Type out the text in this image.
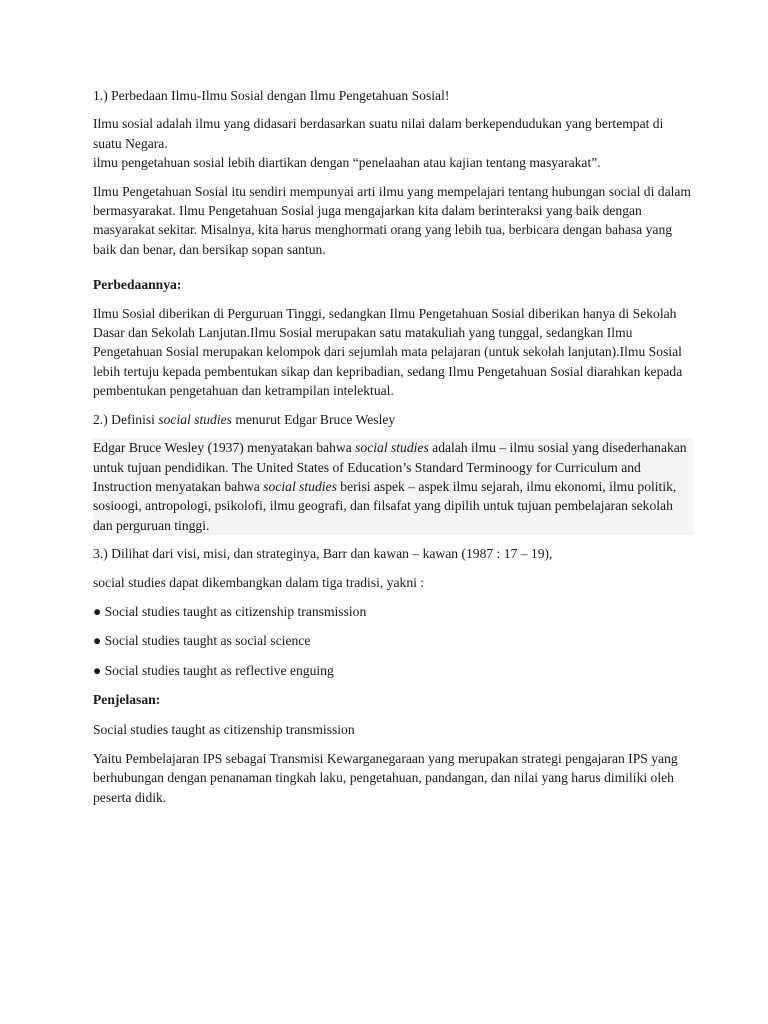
1.) Perbedaan Ilmu-Ilmu Sosial dengan Ilmu Pengetahuan Sosial!

Ilmu sosial adalah ilmu yang didasari berdasarkan suatu nilai dalam berkependudukan yang bertempat di suatu Negara.

ilmu pengetahuan sosial lebih diartikan dengan “penelaahan atau kajian tentang masyarakat”.

Ilmu Pengetahuan Sosial itu sendiri mempunyai arti ilmu yang mempelajari tentang hubungan social di dalam bermasyarakat. Ilmu Pengetahuan Sosial juga mengajarkan kita dalam berinteraksi yang baik dengan masyarakat sekitar. Misalnya, kita harus menghormati orang yang lebih tua, berbicara dengan bahasa yang baik dan benar, dan bersikap sopan santun.

Perbedaannya:

Ilmu Sosial diberikan di Perguruan Tinggi, sedangkan Ilmu Pengetahuan Sosial diberikan hanya di Sekolah Dasar dan Sekolah Lanjutan.Ilmu Sosial merupakan satu matakuliah yang tunggal, sedangkan Ilmu Pengetahuan Sosial merupakan kelompok dari sejumlah mata pelajaran (untuk sekolah lanjutan).Ilmu Sosial lebih tertuju kepada pembentukan sikap dan kepribadian, sedang Ilmu Pengetahuan Sosial diarahkan kepada pembentukan pengetahuan dan ketrampilan intelektual.

2.) Definisi social studies menurut Edgar Bruce Wesley

Edgar Bruce Wesley (1937) menyatakan bahwa social studies adalah ilmu – ilmu sosial yang disederhanakan untuk tujuan pendidikan. The United States of Education’s Standard Terminoogy for Curriculum and Instruction menyatakan bahwa social studies berisi aspek – aspek ilmu sejarah, ilmu ekonomi, ilmu politik, sosioogi, antropologi, psikolofi, ilmu geografi, dan filsafat yang dipilih untuk tujuan pembelajaran sekolah dan perguruan tinggi.

3.) Dilihat dari visi, misi, dan strateginya, Barr dan kawan – kawan (1987 : 17 – 19),

social studies dapat dikembangkan dalam tiga tradisi, yakni :

● Social studies taught as citizenship transmission

● Social studies taught as social science

● Social studies taught as reflective enguing

Penjelasan:

Social studies taught as citizenship transmission

Yaitu Pembelajaran IPS sebagai Transmisi Kewarganegaraan yang merupakan strategi pengajaran IPS yang berhubungan dengan penanaman tingkah laku, pengetahuan, pandangan, dan nilai yang harus dimiliki oleh peserta didik.
